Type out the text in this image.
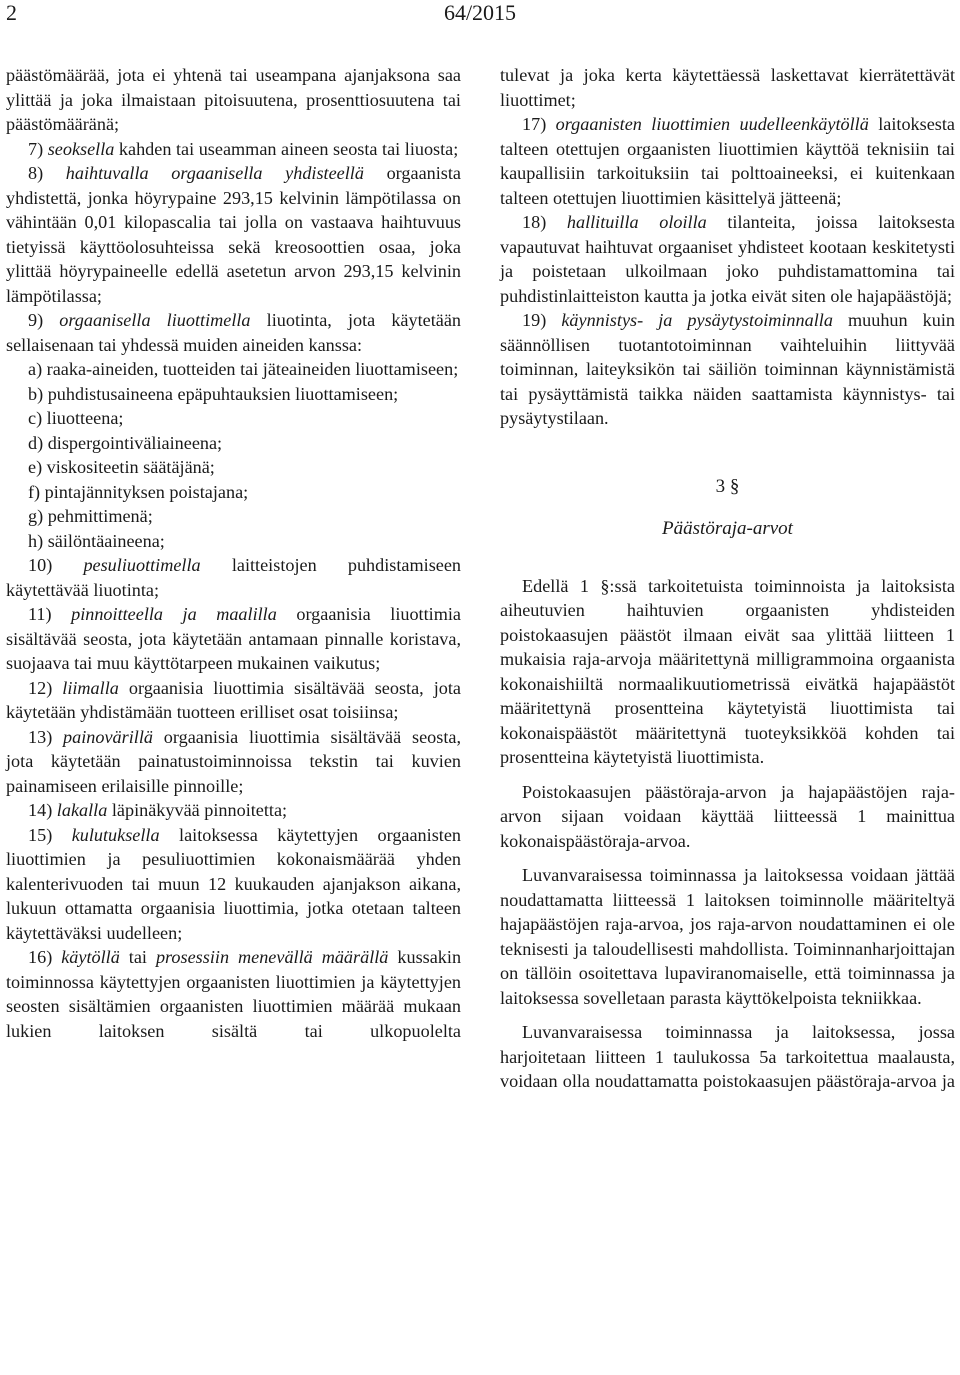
2	64/2015

päästömäärää, jota ei yhtenä tai useampana ajanjaksona saa ylittää ja joka ilmaistaan pitoisuutena, prosenttiosuutena tai päästömääränä;

7) seoksella kahden tai useamman aineen seosta tai liuosta;

8) haihtuvalla orgaanisella yhdisteellä orgaanista yhdistettä, jonka höyrypaine 293,15 kelvinin lämpötilassa on vähintään 0,01 kilopascalia tai jolla on vastaava haihtuvuus tietyissä käyttöolosuhteissa sekä kreosoottien osaa, joka ylittää höyrypaineelle edellä asetetun arvon 293,15 kelvinin lämpötilassa;

9) orgaanisella liuottimella liuotinta, jota käytetään sellaisenaan tai yhdessä muiden aineiden kanssa:

a) raaka-aineiden, tuotteiden tai jäteaineiden liuottamiseen;

b) puhdistusaineena epäpuhtauksien liuottamiseen;

c) liuotteena;

d) dispergointiväliaineena;

e) viskositeetin säätäjänä;

f) pintajännityksen poistajana;

g) pehmittimenä;

h) säilöntäaineena;

10) pesuliuottimella laitteistojen puhdistamiseen käytettävää liuotinta;

11) pinnoitteella ja maalilla orgaanisia liuottimia sisältävää seosta, jota käytetään antamaan pinnalle koristava, suojaava tai muu käyttötarpeen mukainen vaikutus;

12) liimalla orgaanisia liuottimia sisältävää seosta, jota käytetään yhdistämään tuotteen erilliset osat toisiinsa;

13) painovärillä orgaanisia liuottimia sisältävää seosta, jota käytetään painatustoiminnoissa tekstin tai kuvien painamiseen erilaisille pinnoille;

14) lakalla läpinäkyvää pinnoitetta;

15) kulutuksella laitoksessa käytettyjen orgaanisten liuottimien ja pesuliuottimien kokonaismäärää yhden kalenterivuoden tai muun 12 kuukauden ajanjakson aikana, lukuun ottamatta orgaanisia liuottimia, jotka otetaan talteen käytettäväksi uudelleen;

16) käytöllä tai prosessiin menevällä määrällä kussakin toiminnossa käytettyjen orgaanisten liuottimien ja käytettyjen seosten sisältämien orgaanisten liuottimien määrää mukaan lukien laitoksen sisältä tai ulkopuolelta

tulevat ja joka kerta käytettäessä laskettavat kierrätettävät liuottimet;

17) orgaanisten liuottimien uudelleenkäytöllä laitoksesta talteen otettujen orgaanisten liuottimien käyttöä teknisiin tai kaupallisiin tarkoituksiin tai polttoaineeksi, ei kuitenkaan talteen otettujen liuottimien käsittelyä jätteenä;

18) hallituilla oloilla tilanteita, joissa laitoksesta vapautuvat haihtuvat orgaaniset yhdisteet kootaan keskitetysti ja poistetaan ulkoilmaan joko puhdistamattomina tai puhdistinlaitteiston kautta ja jotka eivät siten ole hajapäästöjä;

19) käynnistys- ja pysäytystoiminnalla muuhun kuin säännöllisen tuotantotoiminnan vaihteluihin liittyvää toiminnan, laiteyksikön tai säiliön toiminnan käynnistämistä tai pysäyttämistä taikka näiden saattamista käynnistys- tai pysäytystilaan.

3 §
Päästöraja-arvot

Edellä 1 §:ssä tarkoitetuista toiminnoista ja laitoksista aiheutuvien haihtuvien orgaanisten yhdisteiden poistokaasujen päästöt ilmaan eivät saa ylittää liitteen 1 mukaisia raja-arvoja määritettynä milligrammoina orgaanista kokonaishiiltä normaalikuutiometrissä eivätkä hajapäästöt määritettynä prosentteina käytetyistä liuottimista tai kokonaispäästöt määritettynä tuoteyksikköä kohden tai prosentteina käytetyistä liuottimista.

Poistokaasujen päästöraja-arvon ja hajapäästöjen raja-arvon sijaan voidaan käyttää liitteessä 1 mainittua kokonaispäästöraja-arvoa.

Luvanvaraisessa toiminnassa ja laitoksessa voidaan jättää noudattamatta liitteessä 1 laitoksen toiminnolle määriteltyä hajapäästöjen raja-arvoa, jos raja-arvon noudattaminen ei ole teknisesti ja taloudellisesti mahdollista. Toiminnanharjoittajan on tällöin osoitettava lupaviranomaiselle, että toiminnassa ja laitoksessa sovelletaan parasta käyttökelpoista tekniikkaa.

Luvanvaraisessa toiminnassa ja laitoksessa, jossa harjoitetaan liitteen 1 taulukossa 5a tarkoitettua maalausta, voidaan olla noudattamatta poistokaasujen päästöraja-arvoa ja
